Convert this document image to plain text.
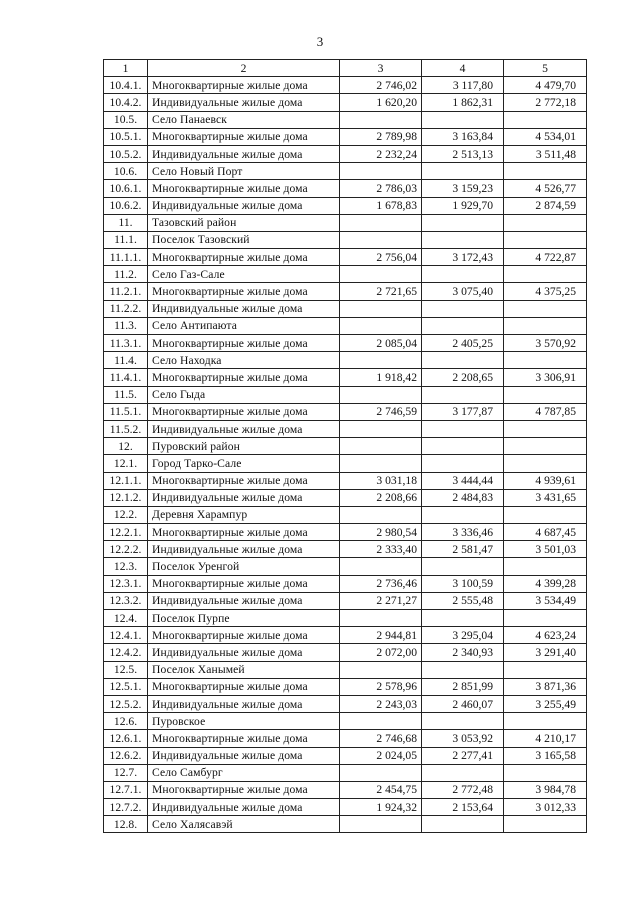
3
1	2	3	4	5
10.4.1.	Многоквартирные жилые дома	2 746,02	3 117,80	4 479,70
10.4.2.	Индивидуальные жилые дома	1 620,20	1 862,31	2 772,18
10.5.	Село Панаевск			
10.5.1.	Многоквартирные жилые дома	2 789,98	3 163,84	4 534,01
10.5.2.	Индивидуальные жилые дома	2 232,24	2 513,13	3 511,48
10.6.	Село Новый Порт			
10.6.1.	Многоквартирные жилые дома	2 786,03	3 159,23	4 526,77
10.6.2.	Индивидуальные жилые дома	1 678,83	1 929,70	2 874,59
11.	Тазовский район			
11.1.	Поселок Тазовский			
11.1.1.	Многоквартирные жилые дома	2 756,04	3 172,43	4 722,87
11.2.	Село Газ-Сале			
11.2.1.	Многоквартирные жилые дома	2 721,65	3 075,40	4 375,25
11.2.2.	Индивидуальные жилые дома			
11.3.	Село Антипаюта			
11.3.1.	Многоквартирные жилые дома	2 085,04	2 405,25	3 570,92
11.4.	Село Находка			
11.4.1.	Многоквартирные жилые дома	1 918,42	2 208,65	3 306,91
11.5.	Село Гыда			
11.5.1.	Многоквартирные жилые дома	2 746,59	3 177,87	4 787,85
11.5.2.	Индивидуальные жилые дома			
12.	Пуровский район			
12.1.	Город Тарко-Сале			
12.1.1.	Многоквартирные жилые дома	3 031,18	3 444,44	4 939,61
12.1.2.	Индивидуальные жилые дома	2 208,66	2 484,83	3 431,65
12.2.	Деревня Харампур			
12.2.1.	Многоквартирные жилые дома	2 980,54	3 336,46	4 687,45
12.2.2.	Индивидуальные жилые дома	2 333,40	2 581,47	3 501,03
12.3.	Поселок Уренгой			
12.3.1.	Многоквартирные жилые дома	2 736,46	3 100,59	4 399,28
12.3.2.	Индивидуальные жилые дома	2 271,27	2 555,48	3 534,49
12.4.	Поселок Пурпе			
12.4.1.	Многоквартирные жилые дома	2 944,81	3 295,04	4 623,24
12.4.2.	Индивидуальные жилые дома	2 072,00	2 340,93	3 291,40
12.5.	Поселок Ханымей			
12.5.1.	Многоквартирные жилые дома	2 578,96	2 851,99	3 871,36
12.5.2.	Индивидуальные жилые дома	2 243,03	2 460,07	3 255,49
12.6.	Пуровское			
12.6.1.	Многоквартирные жилые дома	2 746,68	3 053,92	4 210,17
12.6.2.	Индивидуальные жилые дома	2 024,05	2 277,41	3 165,58
12.7.	Село Самбург			
12.7.1.	Многоквартирные жилые дома	2 454,75	2 772,48	3 984,78
12.7.2.	Индивидуальные жилые дома	1 924,32	2 153,64	3 012,33
12.8.	Село Халясавэй			
